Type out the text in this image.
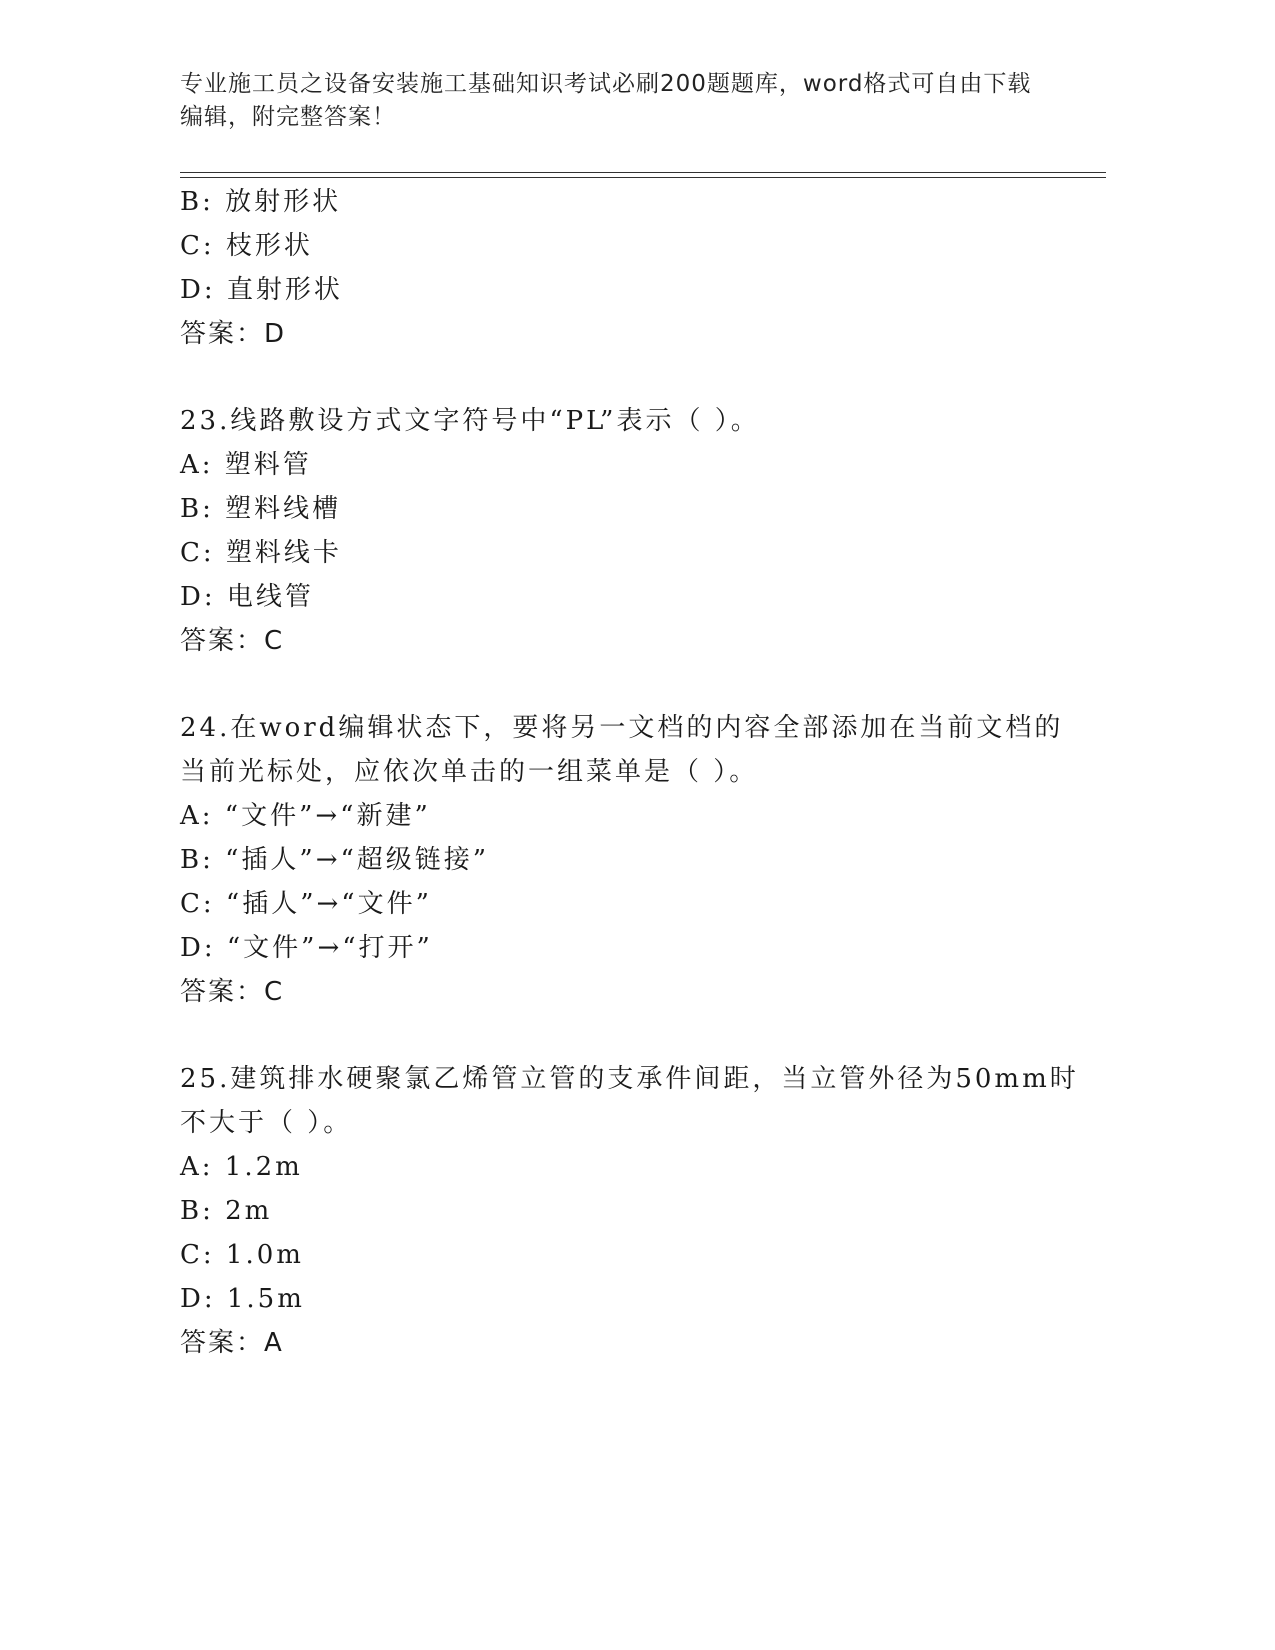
专业施工员之设备安装施工基础知识考试必刷200题题库，word格式可自由下载
编辑，附完整答案！
B: 放射形状
C: 枝形状
D: 直射形状
答案：D
23.线路敷设方式文字符号中“PL”表示（ ）。
A: 塑料管
B: 塑料线槽
C: 塑料线卡
D: 电线管
答案：C
24.在word编辑状态下，要将另一文档的内容全部添加在当前文档的
当前光标处，应依次单击的一组菜单是（ ）。
A: “文件”→“新建”
B: “插人”→“超级链接”
C: “插人”→“文件”
D: “文件”→“打开”
答案：C
25.建筑排水硬聚氯乙烯管立管的支承件间距，当立管外径为50mm时
不大于（ ）。
A: 1.2m
B: 2m
C: 1.0m
D: 1.5m
答案：A
